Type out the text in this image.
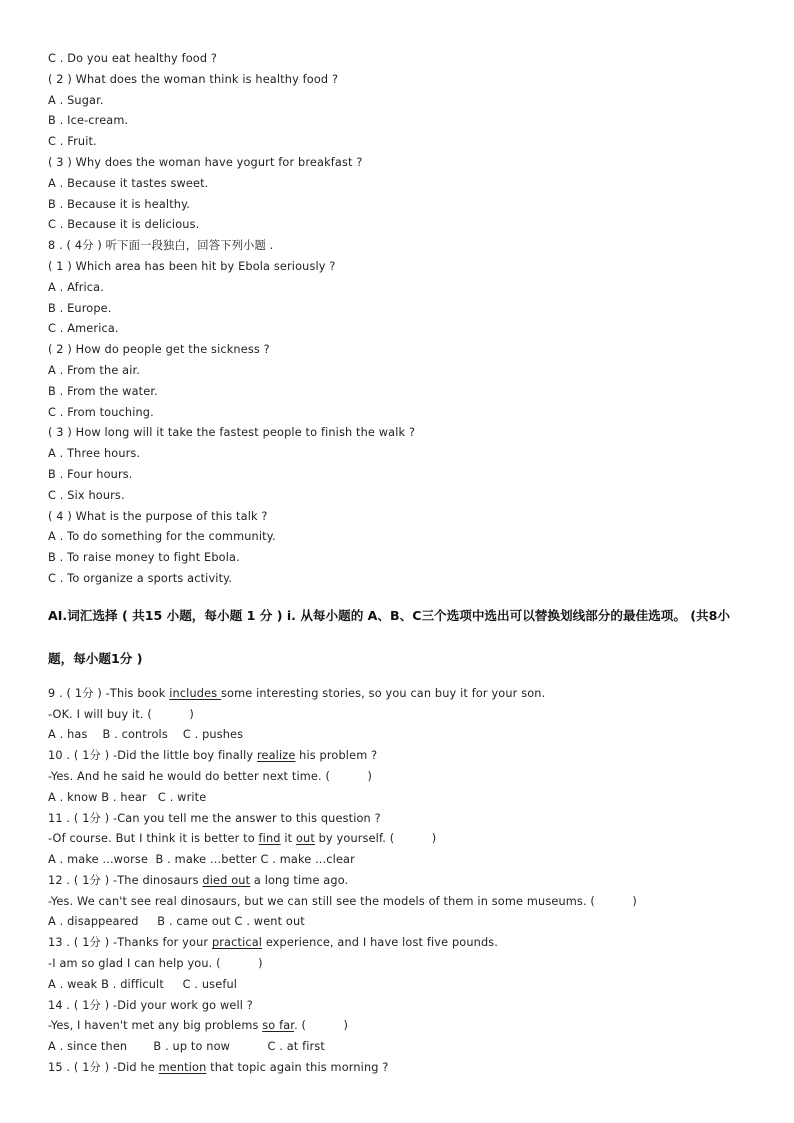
C . Do you eat healthy food ?
( 2 ) What does the woman think is healthy food ?
A . Sugar.
B . Ice-cream.
C . Fruit.
( 3 ) Why does the woman have yogurt for breakfast ?
A . Because it tastes sweet.
B . Because it is healthy.
C . Because it is delicious.
8 . ( 4分 ) 听下面一段独白，回答下列小题 .
( 1 ) Which area has been hit by Ebola seriously ?
A . Africa.
B . Europe.
C . America.
( 2 ) How do people get the sickness ?
A . From the air.
B . From the water.
C . From touching.
( 3 ) How long will it take the fastest people to finish the walk ?
A . Three hours.
B . Four hours.
C . Six hours.
( 4 ) What is the purpose of this talk ?
A . To do something for the community.
B . To raise money to fight Ebola.
C . To organize a sports activity.
AI.词汇选择 ( 共15 小题，每小题 1 分 ) i. 从每小题的 A、B、C三个选项中选出可以替换划线部分的最佳选项。 (共8小题，每小题1分 )
9 . ( 1分 ) -This book includes some interesting stories, so you can buy it for your son.
-OK. I will buy it. (          )
A . has    B . controls    C . pushes
10 . ( 1分 ) -Did the little boy finally realize his problem ?
-Yes. And he said he would do better next time. (          )
A . know B . hear   C . write
11 . ( 1分 ) -Can you tell me the answer to this question ?
-Of course. But I think it is better to find it out by yourself. (          )
A . make ...worse  B . make ...better C . make ...clear
12 . ( 1分 ) -The dinosaurs died out a long time ago.
-Yes. We can't see real dinosaurs, but we can still see the models of them in some museums. (          )
A . disappeared     B . came out C . went out
13 . ( 1分 ) -Thanks for your practical experience, and I have lost five pounds.
-I am so glad I can help you. (          )
A . weak B . difficult     C . useful
14 . ( 1分 ) -Did your work go well ?
-Yes, I haven't met any big problems so far. (          )
A . since then       B . up to now          C . at first
15 . ( 1分 ) -Did he mention that topic again this morning ?
